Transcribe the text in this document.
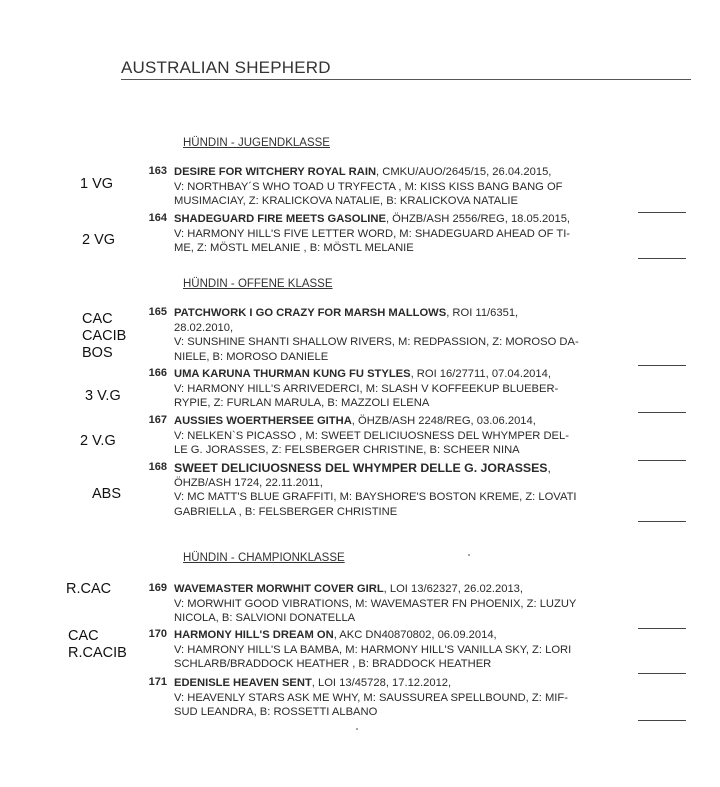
AUSTRALIAN SHEPHERD
HÜNDIN - JUGENDKLASSE
1 VG
163 DESIRE FOR WITCHERY ROYAL RAIN, CMKU/AUO/2645/15, 26.04.2015,
V: NORTHBAY´S WHO TOAD U TRYFECTA , M: KISS KISS BANG BANG OF
MUSIMACIAY, Z: KRALICKOVA NATALIE, B: KRALICKOVA NATALIE
2 VG
164 SHADEGUARD FIRE MEETS GASOLINE, ÖHZB/ASH 2556/REG, 18.05.2015,
V: HARMONY HILL'S FIVE LETTER WORD, M: SHADEGUARD AHEAD OF TI-
ME, Z: MÖSTL MELANIE , B: MÖSTL MELANIE
HÜNDIN - OFFENE KLASSE
CAC
CACIB
BOS
165 PATCHWORK I GO CRAZY FOR MARSH MALLOWS, ROI 11/6351,
28.02.2010,
V: SUNSHINE SHANTI SHALLOW RIVERS, M: REDPASSION, Z: MOROSO DA-
NIELE, B: MOROSO DANIELE
3 V.G
166 UMA KARUNA THURMAN KUNG FU STYLES, ROI 16/27711, 07.04.2014,
V: HARMONY HILL'S ARRIVEDERCI, M: SLASH V KOFFEEKUP BLUEBER-
RYPIE, Z: FURLAN MARULA, B: MAZZOLI ELENA
2 V.G
167 AUSSIES WOERTHERSEE GITHA, ÖHZB/ASH 2248/REG, 03.06.2014,
V: NELKEN`S PICASSO , M: SWEET DELICIUOSNESS DEL WHYMPER DEL-
LE G. JORASSES, Z: FELSBERGER CHRISTINE, B: SCHEER NINA
ABS
168 SWEET DELICIUOSNESS DEL WHYMPER DELLE G. JORASSES,
ÖHZB/ASH 1724, 22.11.2011,
V: MC MATT'S BLUE GRAFFITI, M: BAYSHORE'S BOSTON KREME, Z: LOVATI
GABRIELLA , B: FELSBERGER CHRISTINE
HÜNDIN - CHAMPIONKLASSE
R.CAC	169 WAVEMASTER MORWHIT COVER GIRL, LOI 13/62327, 26.02.2013,
V: MORWHIT GOOD VIBRATIONS, M: WAVEMASTER FN PHOENIX, Z: LUZUY
NICOLA, B: SALVIONI DONATELLA
CAC
R.CACIB
170 HARMONY HILL'S DREAM ON, AKC DN40870802, 06.09.2014,
V: HAMRONY HILL'S LA BAMBA, M: HARMONY HILL'S VANILLA SKY, Z: LORI
SCHLARB/BRADDOCK HEATHER , B: BRADDOCK HEATHER
171 EDENISLE HEAVEN SENT, LOI 13/45728, 17.12.2012,
V: HEAVENLY STARS ASK ME WHY, M: SAUSSUREA SPELLBOUND, Z: MIF-
SUD LEANDRA, B: ROSSETTI ALBANO
